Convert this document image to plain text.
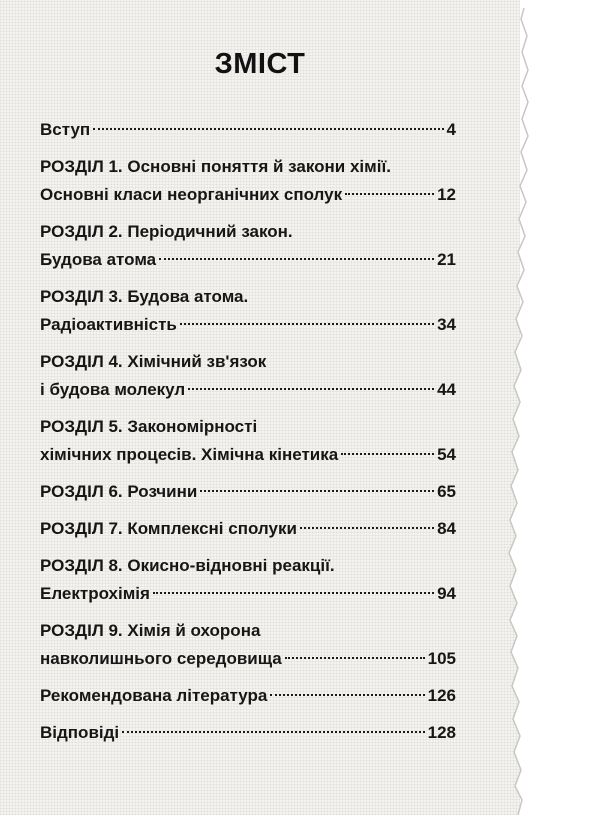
ЗМІСТ
Вступ	4
РОЗДІЛ 1. Основні поняття й закони хімії.
Основні класи неорганічних сполук	12
РОЗДІЛ 2. Періодичний закон.
Будова атома	21
РОЗДІЛ 3. Будова атома.
Радіоактивність	34
РОЗДІЛ 4. Хімічний зв'язок
і будова молекул	44
РОЗДІЛ 5. Закономірності
хімічних процесів. Хімічна кінетика	54
РОЗДІЛ 6. Розчини	65
РОЗДІЛ 7. Комплексні сполуки	84
РОЗДІЛ 8. Окисно-відновні реакції.
Електрохімія	94
РОЗДІЛ 9. Хімія й охорона
навколишнього середовища	105
Рекомендована література	126
Відповіді	128
